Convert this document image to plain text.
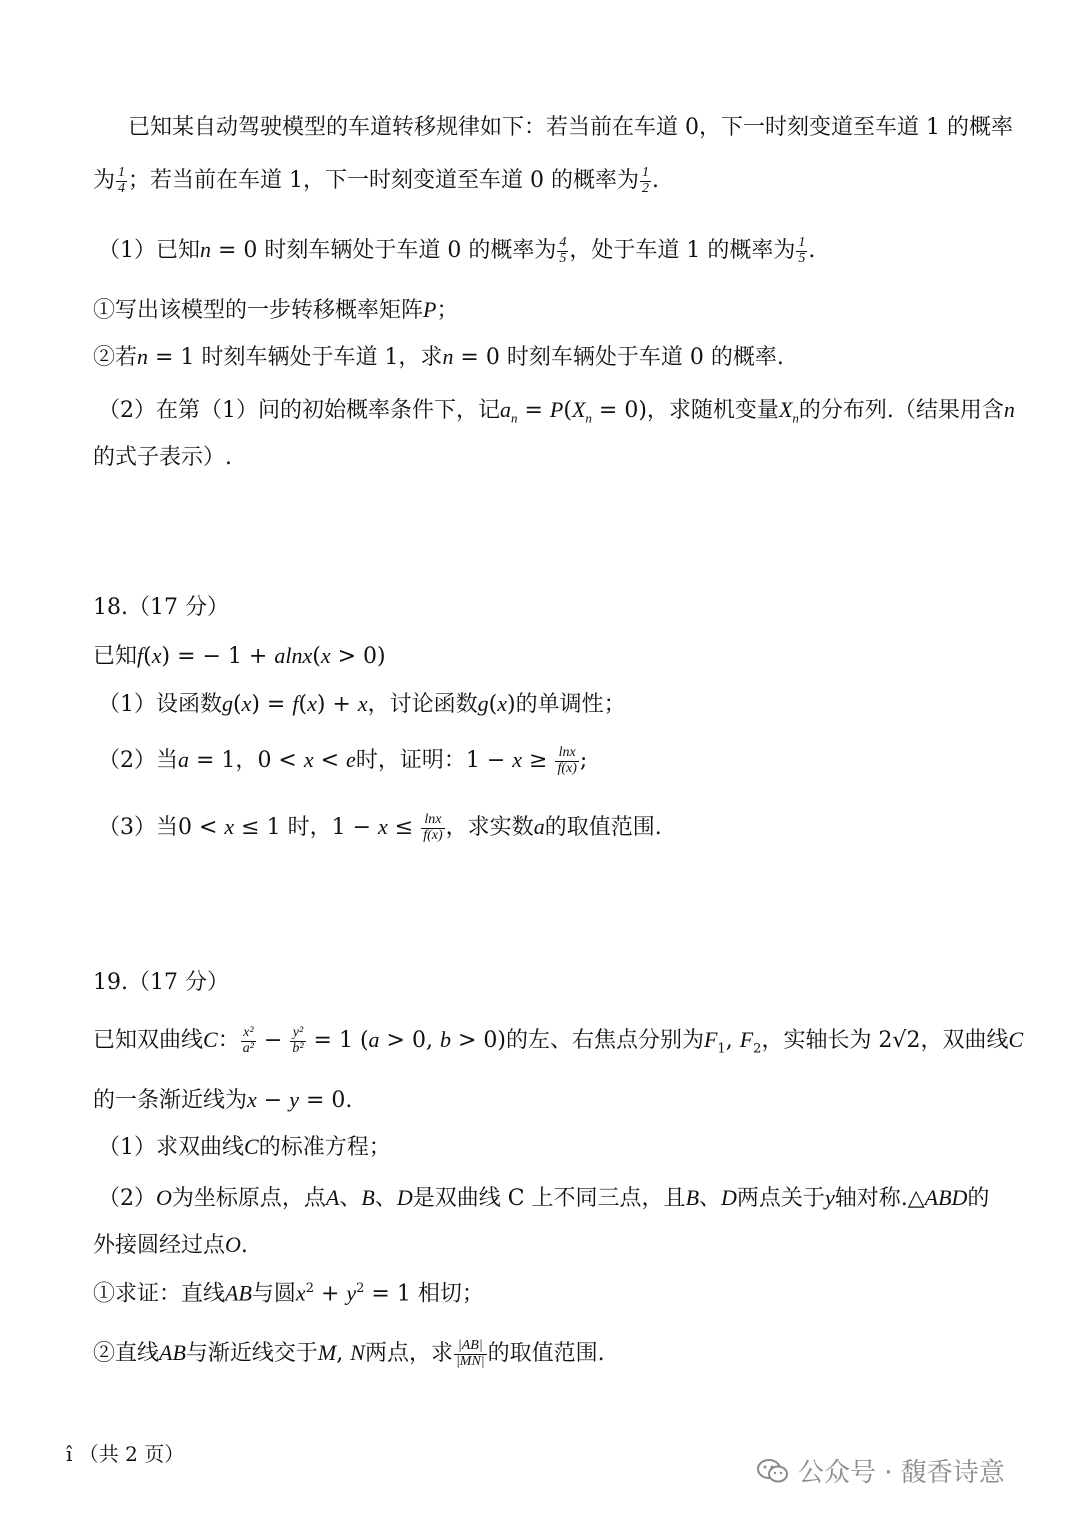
已知某自动驾驶模型的车道转移规律如下：若当前在车道 0，下一时刻变道至车道 1 的概率
为 $\frac{1}{4}$ ；若当前在车道 1，下一时刻变道至车道 0 的概率为 $\frac{1}{2}$ .
（1）已知n = 0 时刻车辆处于车道 0 的概率为 $\frac{4}{5}$ ，处于车道 1 的概率为 $\frac{1}{5}$ .
①写出该模型的一步转移概率矩阵P；
②若n = 1 时刻车辆处于车道 1，求n = 0 时刻车辆处于车道 0 的概率.
（2）在第（1）问的初始概率条件下，记$a_n = P(X_n = 0)$，求随机变量$X_n$的分布列.（结果用含n
的式子表示）.
18.（17 分）
已知f(x) = − 1 + alnx(x > 0)
（1）设函数g(x) = f(x) + x，讨论函数g(x)的单调性；
（2）当a = 1，0 < x < e时，证明：$1 - x \ge \frac{\ln x}{f(x)}$ ;
（3）当0 < x ≤ 1 时，$1 - x \le \frac{\ln x}{f(x)}$ ，求实数a的取值范围.
19.（17 分）
已知双曲线C： $\frac{\text{x²}}{\text{a²}} - \frac{\text{y²}}{\text{b²}} = 1$ (a > 0, b > 0)的左、右焦点分别为$F_1$, $F_2$，实轴长为 2√2，双曲线C
的一条渐近线为x − y = 0.
（1）求双曲线C的标准方程；
（2）O为坐标原点，点A、B、D是双曲线 C 上不同三点，且B、D两点关于y轴对称.△ABD的
外接圆经过点O.
①求证：直线AB与圆$x^2 + y^2 = 1$ 相切；
②直线AB与渐近线交于M, N两点，求 $\frac{|AB|}{|MN|}$ 的取值范围.
î （共 2 页）
公众号 · 馥香诗意
